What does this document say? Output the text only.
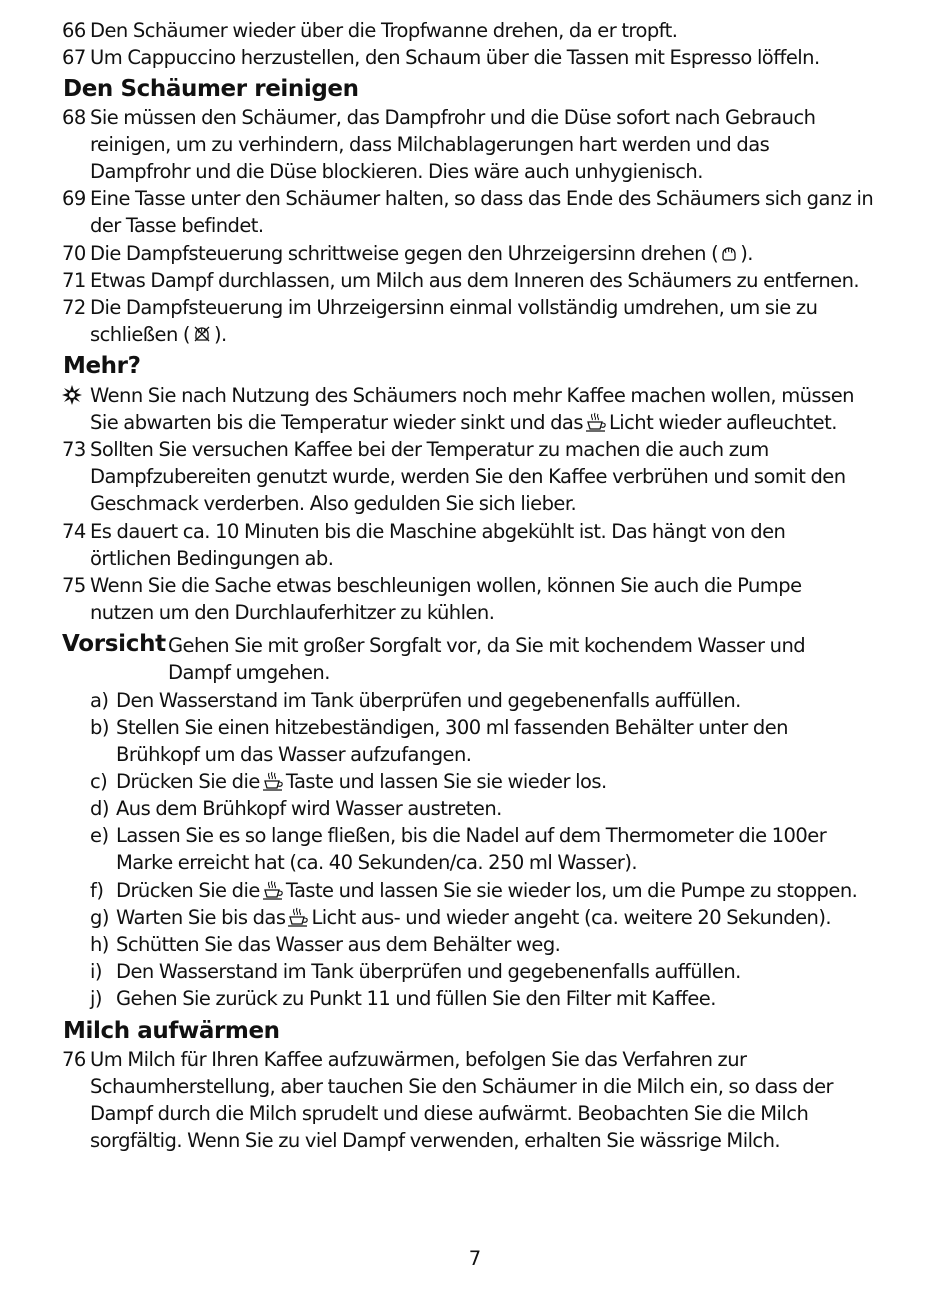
66 Den Schäumer wieder über die Tropfwanne drehen, da er tropft.
67 Um Cappuccino herzustellen, den Schaum über die Tassen mit Espresso löffeln.
Den Schäumer reinigen
68 Sie müssen den Schäumer, das Dampfrohr und die Düse sofort nach Gebrauch
reinigen, um zu verhindern, dass Milchablagerungen hart werden und das
Dampfrohr und die Düse blockieren. Dies wäre auch unhygienisch.
69 Eine Tasse unter den Schäumer halten, so dass das Ende des Schäumers sich ganz in
der Tasse befindet.
70 Die Dampfsteuerung schrittweise gegen den Uhrzeigersinn drehen ( ).
71 Etwas Dampf durchlassen, um Milch aus dem Inneren des Schäumers zu entfernen.
72 Die Dampfsteuerung im Uhrzeigersinn einmal vollständig umdrehen, um sie zu
schließen ( ).
Mehr?
Wenn Sie nach Nutzung des Schäumers noch mehr Kaffee machen wollen, müssen
Sie abwarten bis die Temperatur wieder sinkt und das Licht wieder aufleuchtet.
73 Sollten Sie versuchen Kaffee bei der Temperatur zu machen die auch zum
Dampfzubereiten genutzt wurde, werden Sie den Kaffee verbrühen und somit den
Geschmack verderben. Also gedulden Sie sich lieber.
74 Es dauert ca. 10 Minuten bis die Maschine abgekühlt ist. Das hängt von den
örtlichen Bedingungen ab.
75 Wenn Sie die Sache etwas beschleunigen wollen, können Sie auch die Pumpe
nutzen um den Durchlauferhitzer zu kühlen.
Vorsicht Gehen Sie mit großer Sorgfalt vor, da Sie mit kochendem Wasser und
Dampf umgehen.
a) Den Wasserstand im Tank überprüfen und gegebenenfalls auffüllen.
b) Stellen Sie einen hitzebeständigen, 300 ml fassenden Behälter unter den
Brühkopf um das Wasser aufzufangen.
c) Drücken Sie die Taste und lassen Sie sie wieder los.
d) Aus dem Brühkopf wird Wasser austreten.
e) Lassen Sie es so lange fließen, bis die Nadel auf dem Thermometer die 100er
Marke erreicht hat (ca. 40 Sekunden/ca. 250 ml Wasser).
f) Drücken Sie die Taste und lassen Sie sie wieder los, um die Pumpe zu stoppen.
g) Warten Sie bis das Licht aus- und wieder angeht (ca. weitere 20 Sekunden).
h) Schütten Sie das Wasser aus dem Behälter weg.
i) Den Wasserstand im Tank überprüfen und gegebenenfalls auffüllen.
j) Gehen Sie zurück zu Punkt 11 und füllen Sie den Filter mit Kaffee.
Milch aufwärmen
76 Um Milch für Ihren Kaffee aufzuwärmen, befolgen Sie das Verfahren zur
Schaumherstellung, aber tauchen Sie den Schäumer in die Milch ein, so dass der
Dampf durch die Milch sprudelt und diese aufwärmt. Beobachten Sie die Milch
sorgfältig. Wenn Sie zu viel Dampf verwenden, erhalten Sie wässrige Milch.
7
